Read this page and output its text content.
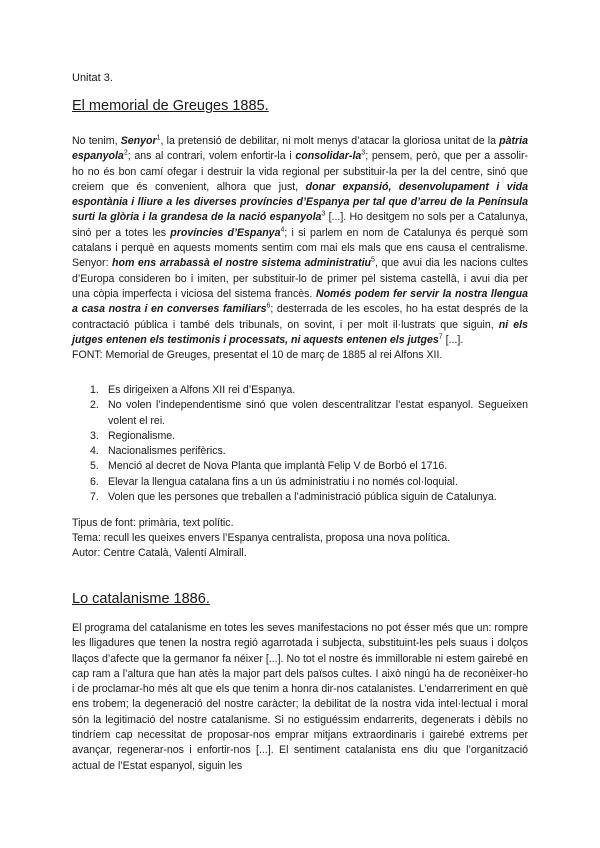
Unitat 3.
El memorial de Greuges 1885.

No tenim, Senyor$^1$, la pretensió de debilitar, ni molt menys d’atacar la gloriosa unitat de la pàtria espanyola$^2$; ans al contrari, volem enfortir-la i consolidar-$la^3$; pensem, però, que per a assolir-ho no és bon camí ofegar i destruir la vida regional per substituir-la per la del centre, sinó que creiem que és convenient, alhora que just, donar expansió, desenvolupament i vida espontània i lliure a les diverses províncies d’Espanya per tal que d’arreu de la Península surti la glòria i la grandesa de la nació espanyola$^3$ [...]. Ho desitgem no sols per a Catalunya, sinó per a totes les províncies d’Espanya$^4$; i si parlem en nom de Catalunya és perquè som catalans i perquè en aquests moments sentim com mai els mals que ens causa el centralisme. Senyor: hom ens arrabassà el nostre sistema administratiu$^5$, que avui dia les nacions cultes d’Europa consideren bo i imiten, per substituir-lo de primer pel sistema castellà, i avui dia per una còpia imperfecta i viciosa del sistema francès. Només podem fer servir la nostra llengua a casa nostra i en converses familiars$^6$; desterrada de les escoles, ho ha estat després de la contractació pública i també dels tribunals, on sovint, i per molt il·lustrats que siguin, ni els jutges entenen els testimonis i processats, ni aquests entenen els jutges$^7$ [...].

FONT: Memorial de Greuges, presentat el 10 de març de 1885 al rei Alfons XII.

1. Es dirigeixen a Alfons XII rei d’Espanya.
2. No volen l’independentisme sinó que volen descentralitzar l’estat espanyol. Segueixen volent el rei.
3. Regionalisme.
4. Nacionalismes perifèrics.
5. Menció al decret de Nova Planta que implantà Felip V de Borbó el 1716.
6. Elevar la llengua catalana fins a un ús administratiu i no només col·loquial.
7. Volen que les persones que treballen a l’administració pública siguin de Catalunya.

Tipus de font: primària, text polític.

Tema: recull les queixes envers l’Espanya centralista, proposa una nova política.

Autor: Centre Català, Valentí Almirall.

Lo catalanisme 1886.

El programa del catalanisme en totes les seves manifestacions no pot ésser més que un: rompre les lligadures que tenen la nostra regió agarrotada i subjecta, substituint-les pels suaus i dolços llaços d’afecte que la germanor fa néixer [...]. No tot el nostre és immillorable ni estem gairebé en cap ram a l’altura que han atès la major part dels països cultes. I això ningú ha de reconèixer-ho i de proclamar-ho més alt que els que tenim a honra dir-nos catalanistes. L’endarreriment en què ens trobem; la degeneració del nostre caràcter; la debilitat de la nostra vida intel·lectual i moral són la legitimació del nostre catalanisme. Si no estiguéssim endarrerits, degenerats i dèbils no tindríem cap necessitat de proposar-nos emprar mitjans extraordinaris i gairebé extrems per avançar, regenerar-nos i enfortir-nos [...]. El sentiment catalanista ens diu que l’organització actual de l’Estat espanyol, siguin les
